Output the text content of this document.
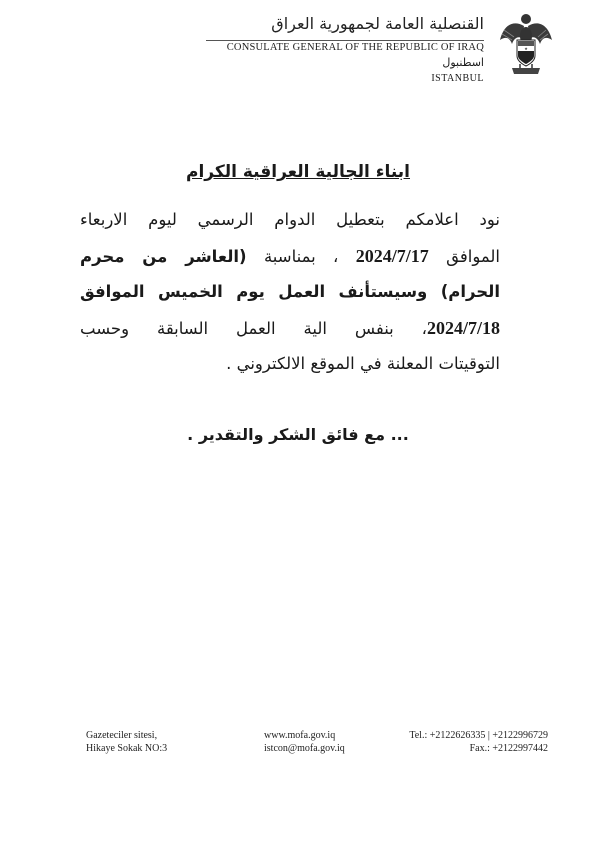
★
القنصلية العامة لجمهورية العراق
CONSULATE GENERAL OF THE REPUBLIC OF IRAQ
اسطنبول
ISTANBUL
ابناء الجالية العراقية الكرام
نود اعلامكم بتعطيل الدوام الرسمي ليوم الاربعاء
الموافق 2024/7/17 ، بمناسبة (العاشر من محرم
الحرام) وسيستأنف العمل يوم الخميس الموافق
2024/7/18، بنفس الية العمل السابقة وحسب
التوقيتات المعلنة في الموقع الالكتروني .
... مع فائق الشكر والتقدير .
Gazeteciler sitesi,
Hikaye Sokak NO:3
www.mofa.gov.iq
istcon@mofa.gov.iq
Tel.: +2122626335 | +2122996729
Fax.: +2122997442
